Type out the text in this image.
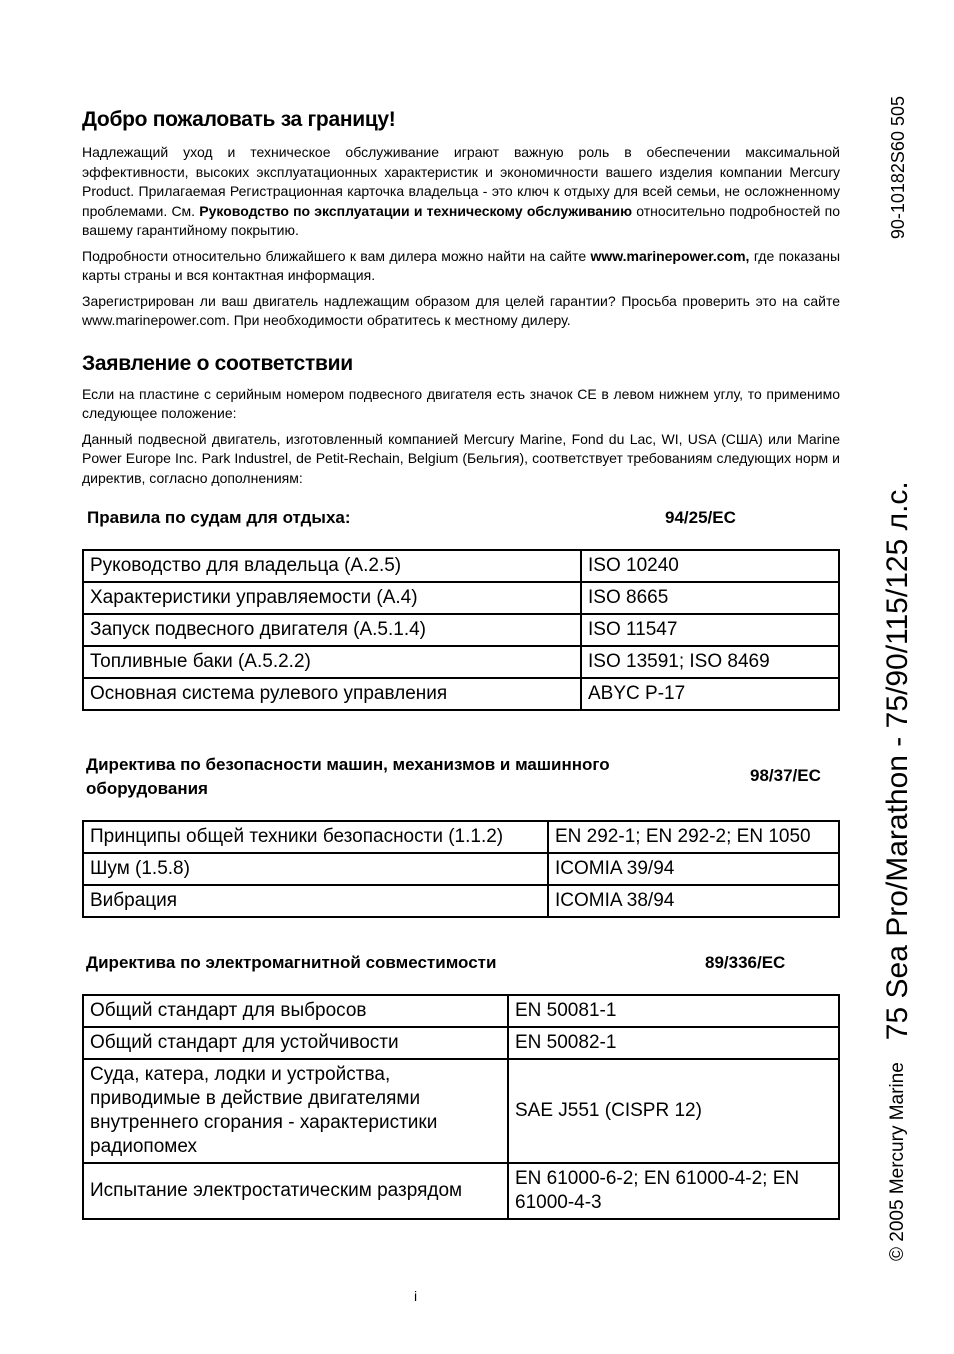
Добро пожаловать за границу!

Надлежащий уход и техническое обслуживание играют важную роль в обеспечении максимальной эффективности, высоких эксплуатационных характеристик и экономичности вашего изделия компании Mercury Product. Прилагаемая Регистрационная карточка владельца - это ключ к отдыху для всей семьи, не осложненному проблемами. См. Руководство по эксплуатации и техническому обслуживанию относительно подробностей по вашему гарантийному покрытию.

Подробности относительно ближайшего к вам дилера можно найти на сайте www.marinepower.com, где показаны карты страны и вся контактная информация.

Зарегистрирован ли ваш двигатель надлежащим образом для целей гарантии? Просьба проверить это на сайте www.marinepower.com. При необходимости обратитесь к местному дилеру.

Заявление о соответствии

Если на пластине с серийным номером подвесного двигателя есть значок CE в левом нижнем углу, то применимо следующее положение:

Данный подвесной двигатель, изготовленный компанией Mercury Marine, Fond du Lac, WI, USA (США) или Marine Power Europe Inc. Park Industrel, de Petit-Rechain, Belgium (Бельгия), соответствует требованиям следующих норм и директив, согласно дополнениям:

Правила по судам для отдыха:	94/25/EC
Руководство для владельца (A.2.5)	ISO 10240
Характеристики управляемости (A.4)	ISO 8665
Запуск подвесного двигателя (A.5.1.4)	ISO 11547
Топливные баки (A.5.2.2)	ISO 13591; ISO 8469
Основная система рулевого управления	ABYC P-17
Директива по безопасности машин, механизмов и машинного оборудования
98/37/EC
Принципы общей техники безопасности (1.1.2)	EN 292-1; EN 292-2; EN 1050
Шум (1.5.8)	ICOMIA 39/94
Вибрация	ICOMIA 38/94
Директива по электромагнитной совместимости	89/336/EC
Общий стандарт для выбросов	EN 50081-1
Общий стандарт для устойчивости	EN 50082-1
Суда, катера, лодки и устройства, приводимые в действие двигателями внутреннего сгорания - характеристики радиопомех	SAE J551 (CISPR 12)
Испытание электростатическим разрядом	EN 61000-6-2; EN 61000-4-2; EN 61000-4-3	© 2005 Mercury Marine
75 Sea Pro/Marathon - 75/90/115/125 л.с.
90-10182S60 505
i
